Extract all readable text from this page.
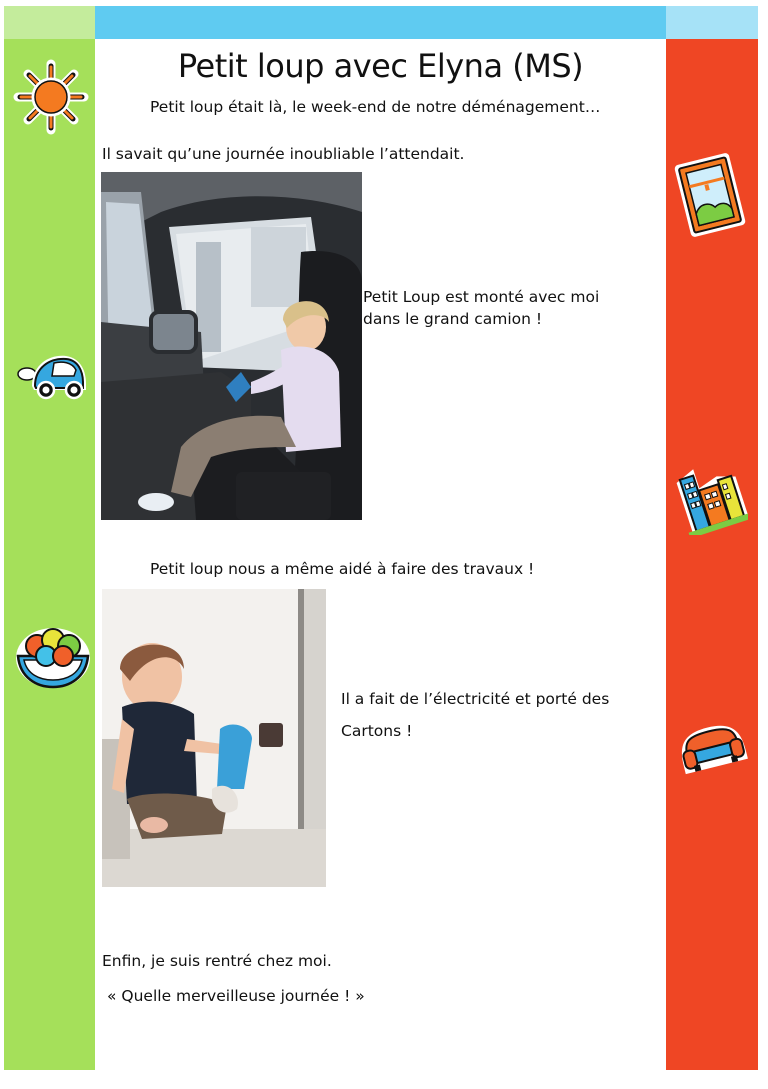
Petit loup avec Elyna (MS)
Petit loup était là, le week-end de notre déménagement…
Il savait qu’une journée inoubliable l’attendait.
Petit Loup est monté avec moi
dans le grand camion !
Petit loup nous a même aidé à faire des travaux !
Il a fait de l’électricité et porté des
Cartons !
Enfin, je suis rentré chez moi.
« Quelle merveilleuse journée ! »
